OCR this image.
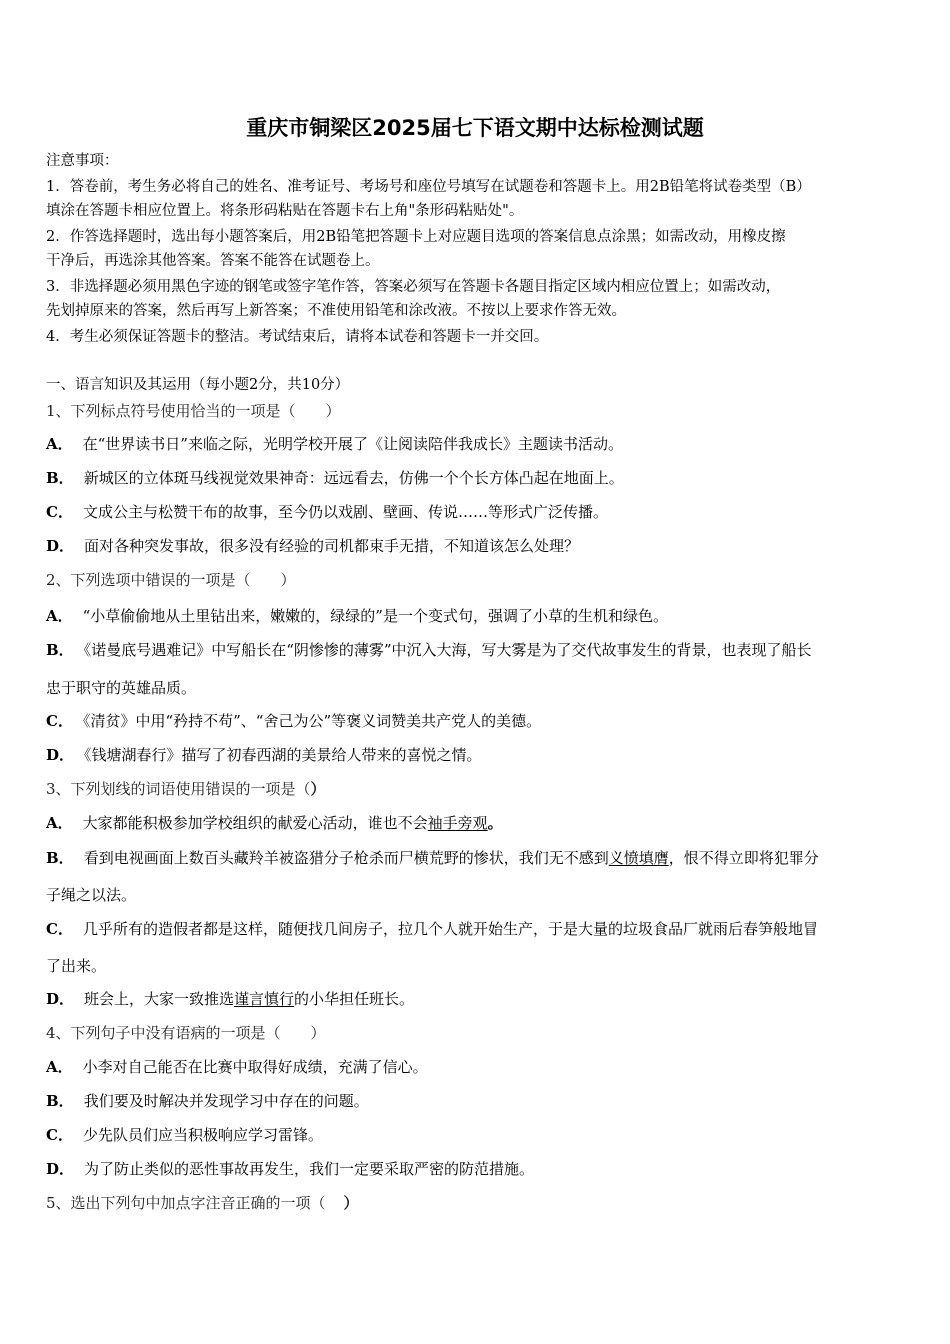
重庆市铜梁区2025届七下语文期中达标检测试题
注意事项：
1．答卷前，考生务必将自己的姓名、准考证号、考场号和座位号填写在试题卷和答题卡上。用2B铅笔将试卷类型（B）
填涂在答题卡相应位置上。将条形码粘贴在答题卡右上角"条形码粘贴处"。
2．作答选择题时，选出每小题答案后，用2B铅笔把答题卡上对应题目选项的答案信息点涂黑；如需改动，用橡皮擦
干净后，再选涂其他答案。答案不能答在试题卷上。
3．非选择题必须用黑色字迹的钢笔或签字笔作答，答案必须写在答题卡各题目指定区域内相应位置上；如需改动，
先划掉原来的答案，然后再写上新答案；不准使用铅笔和涂改液。不按以上要求作答无效。
4．考生必须保证答题卡的整洁。考试结束后，请将本试卷和答题卡一并交回。
一、语言知识及其运用（每小题2分，共10分）
1、下列标点符号使用恰当的一项是（　　）
A． 在“世界读书日”来临之际，光明学校开展了《让阅读陪伴我成长》主题读书活动。
B． 新城区的立体斑马线视觉效果神奇：远远看去，仿佛一个个长方体凸起在地面上。
C． 文成公主与松赞干布的故事，至今仍以戏剧、壁画、传说……等形式广泛传播。
D． 面对各种突发事故，很多没有经验的司机都束手无措，不知道该怎么处理？
2、下列选项中错误的一项是（　　）
A． “小草偷偷地从土里钻出来，嫩嫩的，绿绿的”是一个变式句，强调了小草的生机和绿色。
B． 《诺曼底号遇难记》中写船长在“阴惨惨的薄雾”中沉入大海，写大雾是为了交代故事发生的背景，也表现了船长
忠于职守的英雄品质。
C． 《清贫》中用“矜持不苟”、“舍己为公”等褒义词赞美共产党人的美德。
D． 《钱塘湖春行》描写了初春西湖的美景给人带来的喜悦之情。
3、下列划线的词语使用错误的一项是（）
A． 大家都能积极参加学校组织的献爱心活动，谁也不会袖手旁观。
B． 看到电视画面上数百头藏羚羊被盗猎分子枪杀而尸横荒野的惨状，我们无不感到义愤填膺，恨不得立即将犯罪分
子绳之以法。
C． 几乎所有的造假者都是这样，随便找几间房子，拉几个人就开始生产，于是大量的垃圾食品厂就雨后春笋般地冒
了出来。
D． 班会上，大家一致推选谨言慎行的小华担任班长。
4、下列句子中没有语病的一项是（　　）
A． 小李对自己能否在比赛中取得好成绩，充满了信心。
B． 我们要及时解决并发现学习中存在的问题。
C． 少先队员们应当积极响应学习雷锋。
D． 为了防止类似的恶性事故再发生，我们一定要采取严密的防范措施。
5、选出下列句中加点字注音正确的一项（ ）
